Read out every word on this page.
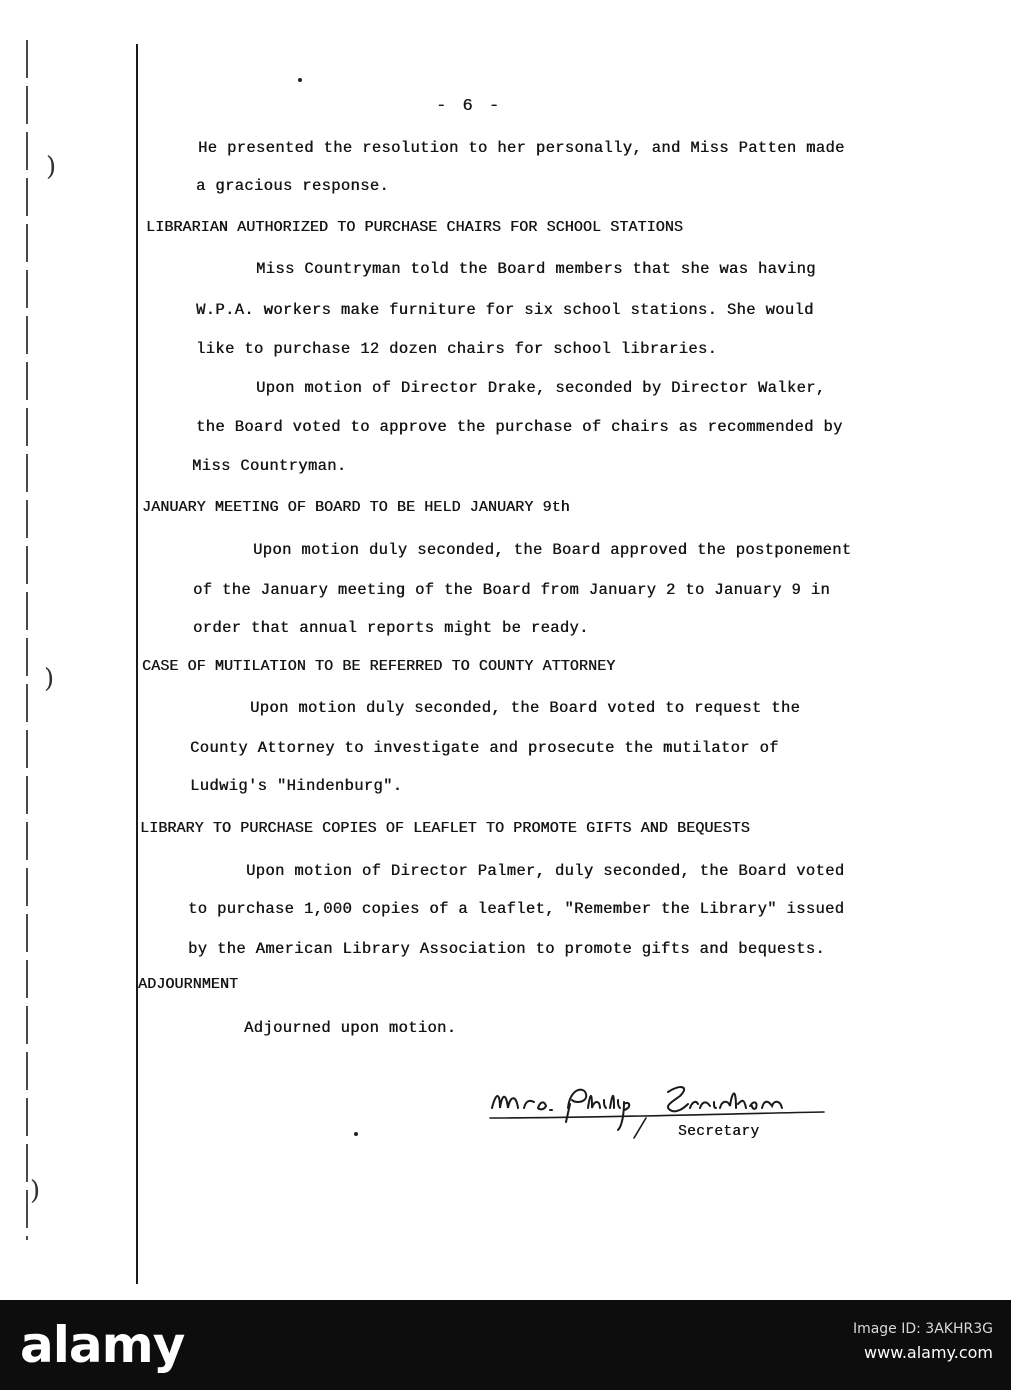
)
)
)
- 6 -
He presented the resolution to her personally, and Miss Patten made
a gracious response.
LIBRARIAN AUTHORIZED TO PURCHASE CHAIRS FOR SCHOOL STATIONS
Miss Countryman told the Board members that she was having
W.P.A. workers make furniture for six school stations. She would
like to purchase 12 dozen chairs for school libraries.
Upon motion of Director Drake, seconded by Director Walker,
the Board voted to approve the purchase of chairs as recommended by
Miss Countryman.
JANUARY MEETING OF BOARD TO BE HELD JANUARY 9th
Upon motion duly seconded, the Board approved the postponement
of the January meeting of the Board from January 2 to January 9 in
order that annual reports might be ready.
CASE OF MUTILATION TO BE REFERRED TO COUNTY ATTORNEY
Upon motion duly seconded, the Board voted to request the
County Attorney to investigate and prosecute the mutilator of
Ludwig's "Hindenburg".
LIBRARY TO PURCHASE COPIES OF LEAFLET TO PROMOTE GIFTS AND BEQUESTS
Upon motion of Director Palmer, duly seconded, the Board voted
to purchase 1,000 copies of a leaflet, "Remember the Library" issued
by the American Library Association to promote gifts and bequests.
ADJOURNMENT
Adjourned upon motion.
Secretary
alamy	Image ID: 3AKHR3G
www.alamy.com
